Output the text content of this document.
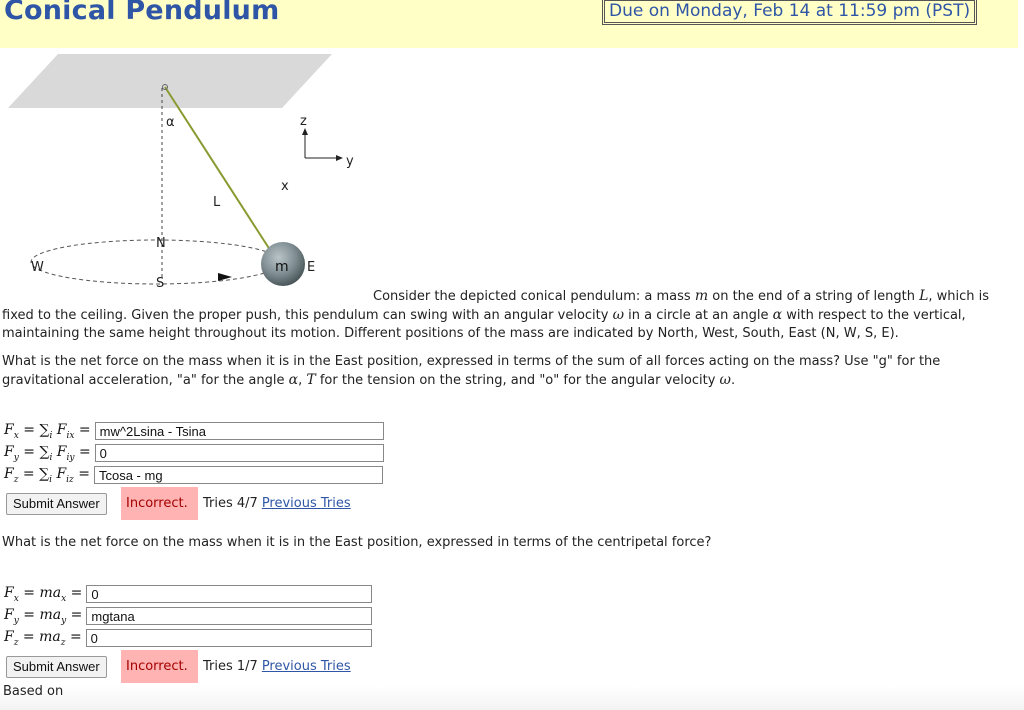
Conical Pendulum	Due on Monday, Feb 14 at 11:59 pm (PST)
α
L
z
y
x
N
W
S
m E

Consider the depicted conical pendulum: a mass m on the end of a string of length L, which is fixed to the ceiling. Given the proper push, this pendulum can swing with an angular velocity ω in a circle at an angle α with respect to the vertical, maintaining the same height throughout its motion. Different positions of the mass are indicated by North, West, South, East (N, W, S, E).

What is the net force on the mass when it is in the East position, expressed in terms of the sum of all forces acting on the mass? Use "g" for the gravitational acceleration, "a" for the angle α, T for the tension on the string, and "o" for the angular velocity ω.

$F_x = \sum_i$ $F_{ix}$ =
mw^2Lsina - Tsina
$F_y = \sum_i$ $F_{iy}$ =
0
$F_z = \sum_i$ $F_{iz}$ =
Tcosa - mg
Submit Answer	Incorrect.	Tries 4/7 Previous Tries

What is the net force on the mass when it is in the East position, expressed in terms of the centripetal force?

$F_x = ma_x$ =
0
$F_y = ma_y$ =
mgtana
$F_z = ma_z$ =
0
Submit Answer	Incorrect.	Tries 1/7 Previous Tries
Based on
